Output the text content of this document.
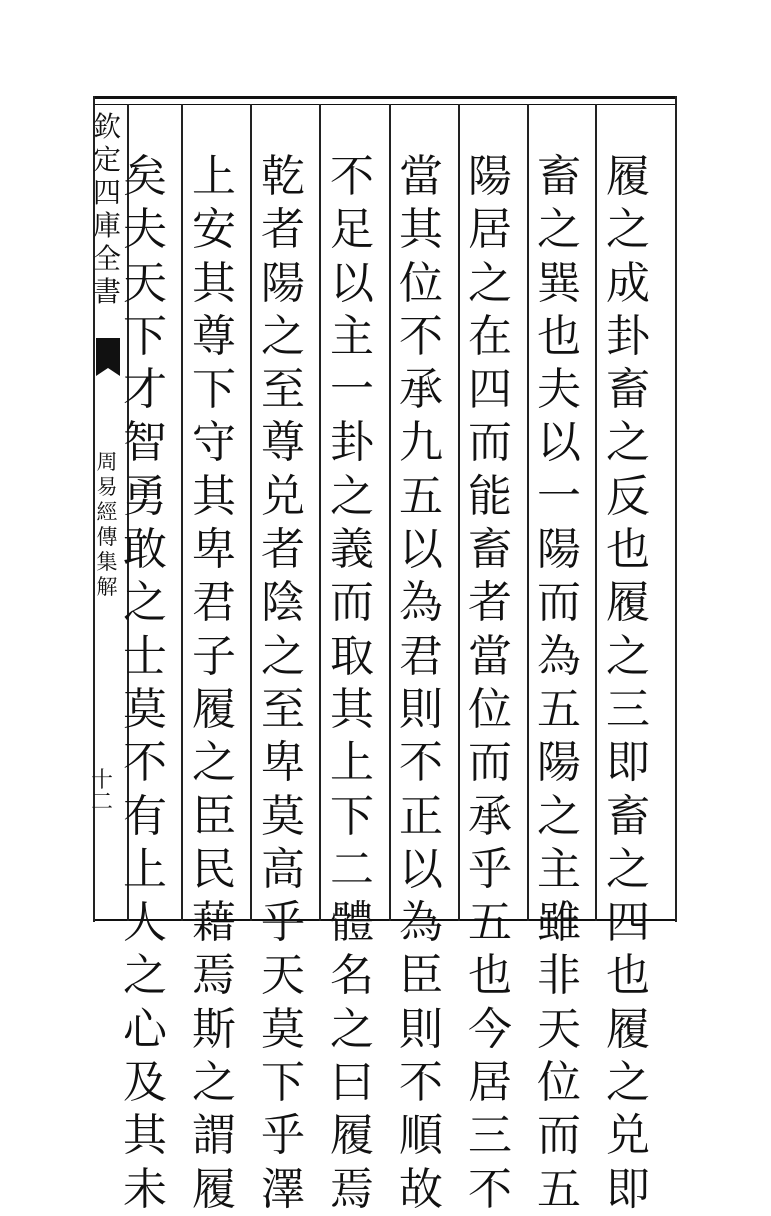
欽
定
四
庫
全
書
周
易
經
傳
集
解
十二
履
之
成
卦
畜
之
反
也
履
之
三
即
畜
之
四
也
履
之
兑
即
畜
之
巽
也
夫
以
一
陽
而
為
五
陽
之
主
雖
非
天
位
而
五
陽
居
之
在
四
而
能
畜
者
當
位
而
承
乎
五
也
今
居
三
不
當
其
位
不
承
九
五
以
為
君
則
不
正
以
為
臣
則
不
順
故
不
足
以
主
一
卦
之
義
而
取
其
上
下
二
體
名
之
曰
履
焉
乾
者
陽
之
至
尊
兑
者
陰
之
至
卑
莫
高
乎
天
莫
下
乎
澤
上
安
其
尊
下
守
其
卑
君
子
履
之
臣
民
藉
焉
斯
之
謂
履
矣
夫
天
下
才
智
勇
敢
之
士
莫
不
有
上
人
之
心
及
其
未
